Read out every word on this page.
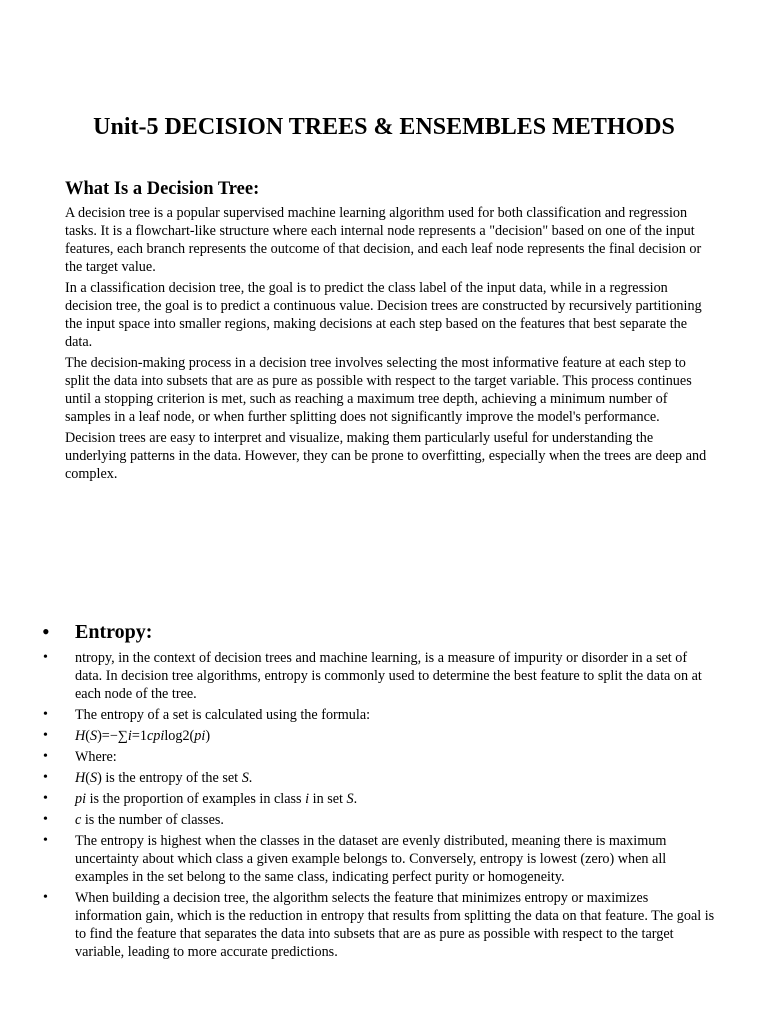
Unit-5 DECISION TREES & ENSEMBLES METHODS
What Is a Decision Tree:

A decision tree is a popular supervised machine learning algorithm used for both classification and regression tasks. It is a flowchart-like structure where each internal node represents a "decision" based on one of the input features, each branch represents the outcome of that decision, and each leaf node represents the final decision or the target value.

In a classification decision tree, the goal is to predict the class label of the input data, while in a regression decision tree, the goal is to predict a continuous value. Decision trees are constructed by recursively partitioning the input space into smaller regions, making decisions at each step based on the features that best separate the data.

The decision-making process in a decision tree involves selecting the most informative feature at each step to split the data into subsets that are as pure as possible with respect to the target variable. This process continues until a stopping criterion is met, such as reaching a maximum tree depth, achieving a minimum number of samples in a leaf node, or when further splitting does not significantly improve the model's performance.

Decision trees are easy to interpret and visualize, making them particularly useful for understanding the underlying patterns in the data. However, they can be prone to overfitting, especially when the trees are deep and complex.

• Entropy:
• ntropy, in the context of decision trees and machine learning, is a measure of impurity or disorder in a set of data. In decision tree algorithms, entropy is commonly used to determine the best feature to split the data on at each node of the tree.
• The entropy of a set is calculated using the formula:
• H(S)=−∑i=1cpilog2(pi)
• Where:
• H(S) is the entropy of the set S.
• pi is the proportion of examples in class i in set S.
• c is the number of classes.
• The entropy is highest when the classes in the dataset are evenly distributed, meaning there is maximum uncertainty about which class a given example belongs to. Conversely, entropy is lowest (zero) when all examples in the set belong to the same class, indicating perfect purity or homogeneity.
• When building a decision tree, the algorithm selects the feature that minimizes entropy or maximizes information gain, which is the reduction in entropy that results from splitting the data on that feature. The goal is to find the feature that separates the data into subsets that are as pure as possible with respect to the target variable, leading to more accurate predictions.
